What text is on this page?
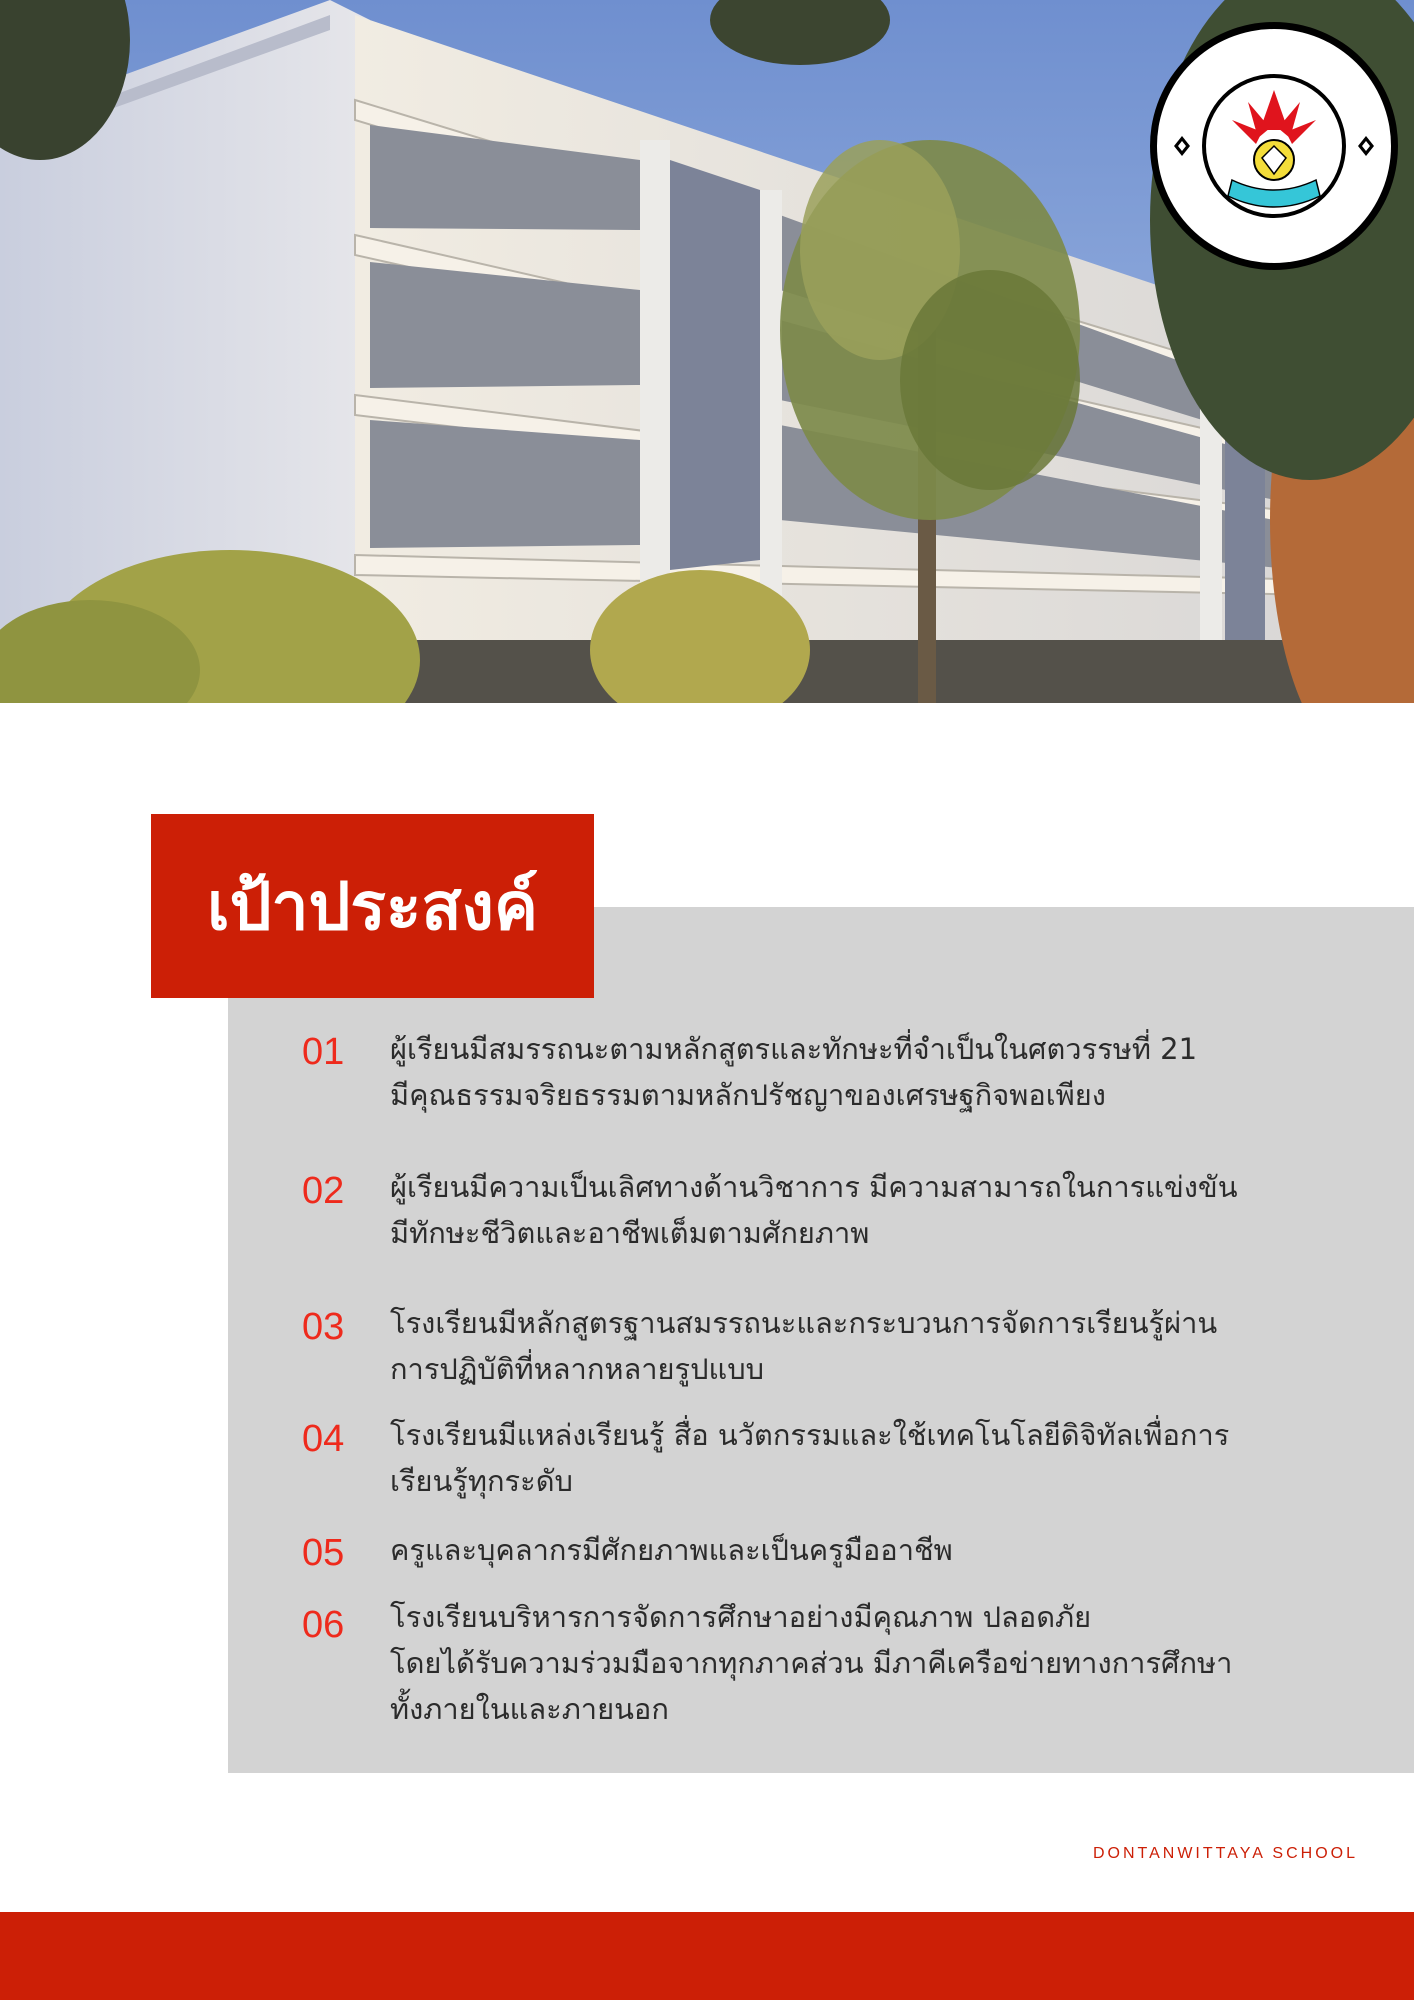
เป้าประสงค์
01	ผู้เรียนมีสมรรถนะตามหลักสูตรและทักษะที่จำเป็นในศตวรรษที่ 21
มีคุณธรรมจริยธรรมตามหลักปรัชญาของเศรษฐกิจพอเพียง
02	ผู้เรียนมีความเป็นเลิศทางด้านวิชาการ มีความสามารถในการแข่งขัน
มีทักษะชีวิตและอาชีพเต็มตามศักยภาพ
03	โรงเรียนมีหลักสูตรฐานสมรรถนะและกระบวนการจัดการเรียนรู้ผ่าน
การปฏิบัติที่หลากหลายรูปแบบ
04	โรงเรียนมีแหล่งเรียนรู้ สื่อ นวัตกรรมและใช้เทคโนโลยีดิจิทัลเพื่อการ
เรียนรู้ทุกระดับ
05	ครูและบุคลากรมีศักยภาพและเป็นครูมืออาชีพ
06	โรงเรียนบริหารการจัดการศึกษาอย่างมีคุณภาพ ปลอดภัย
โดยได้รับความร่วมมือจากทุกภาคส่วน มีภาคีเครือข่ายทางการศึกษา
ทั้งภายในและภายนอก
DONTANWITTAYA SCHOOL
